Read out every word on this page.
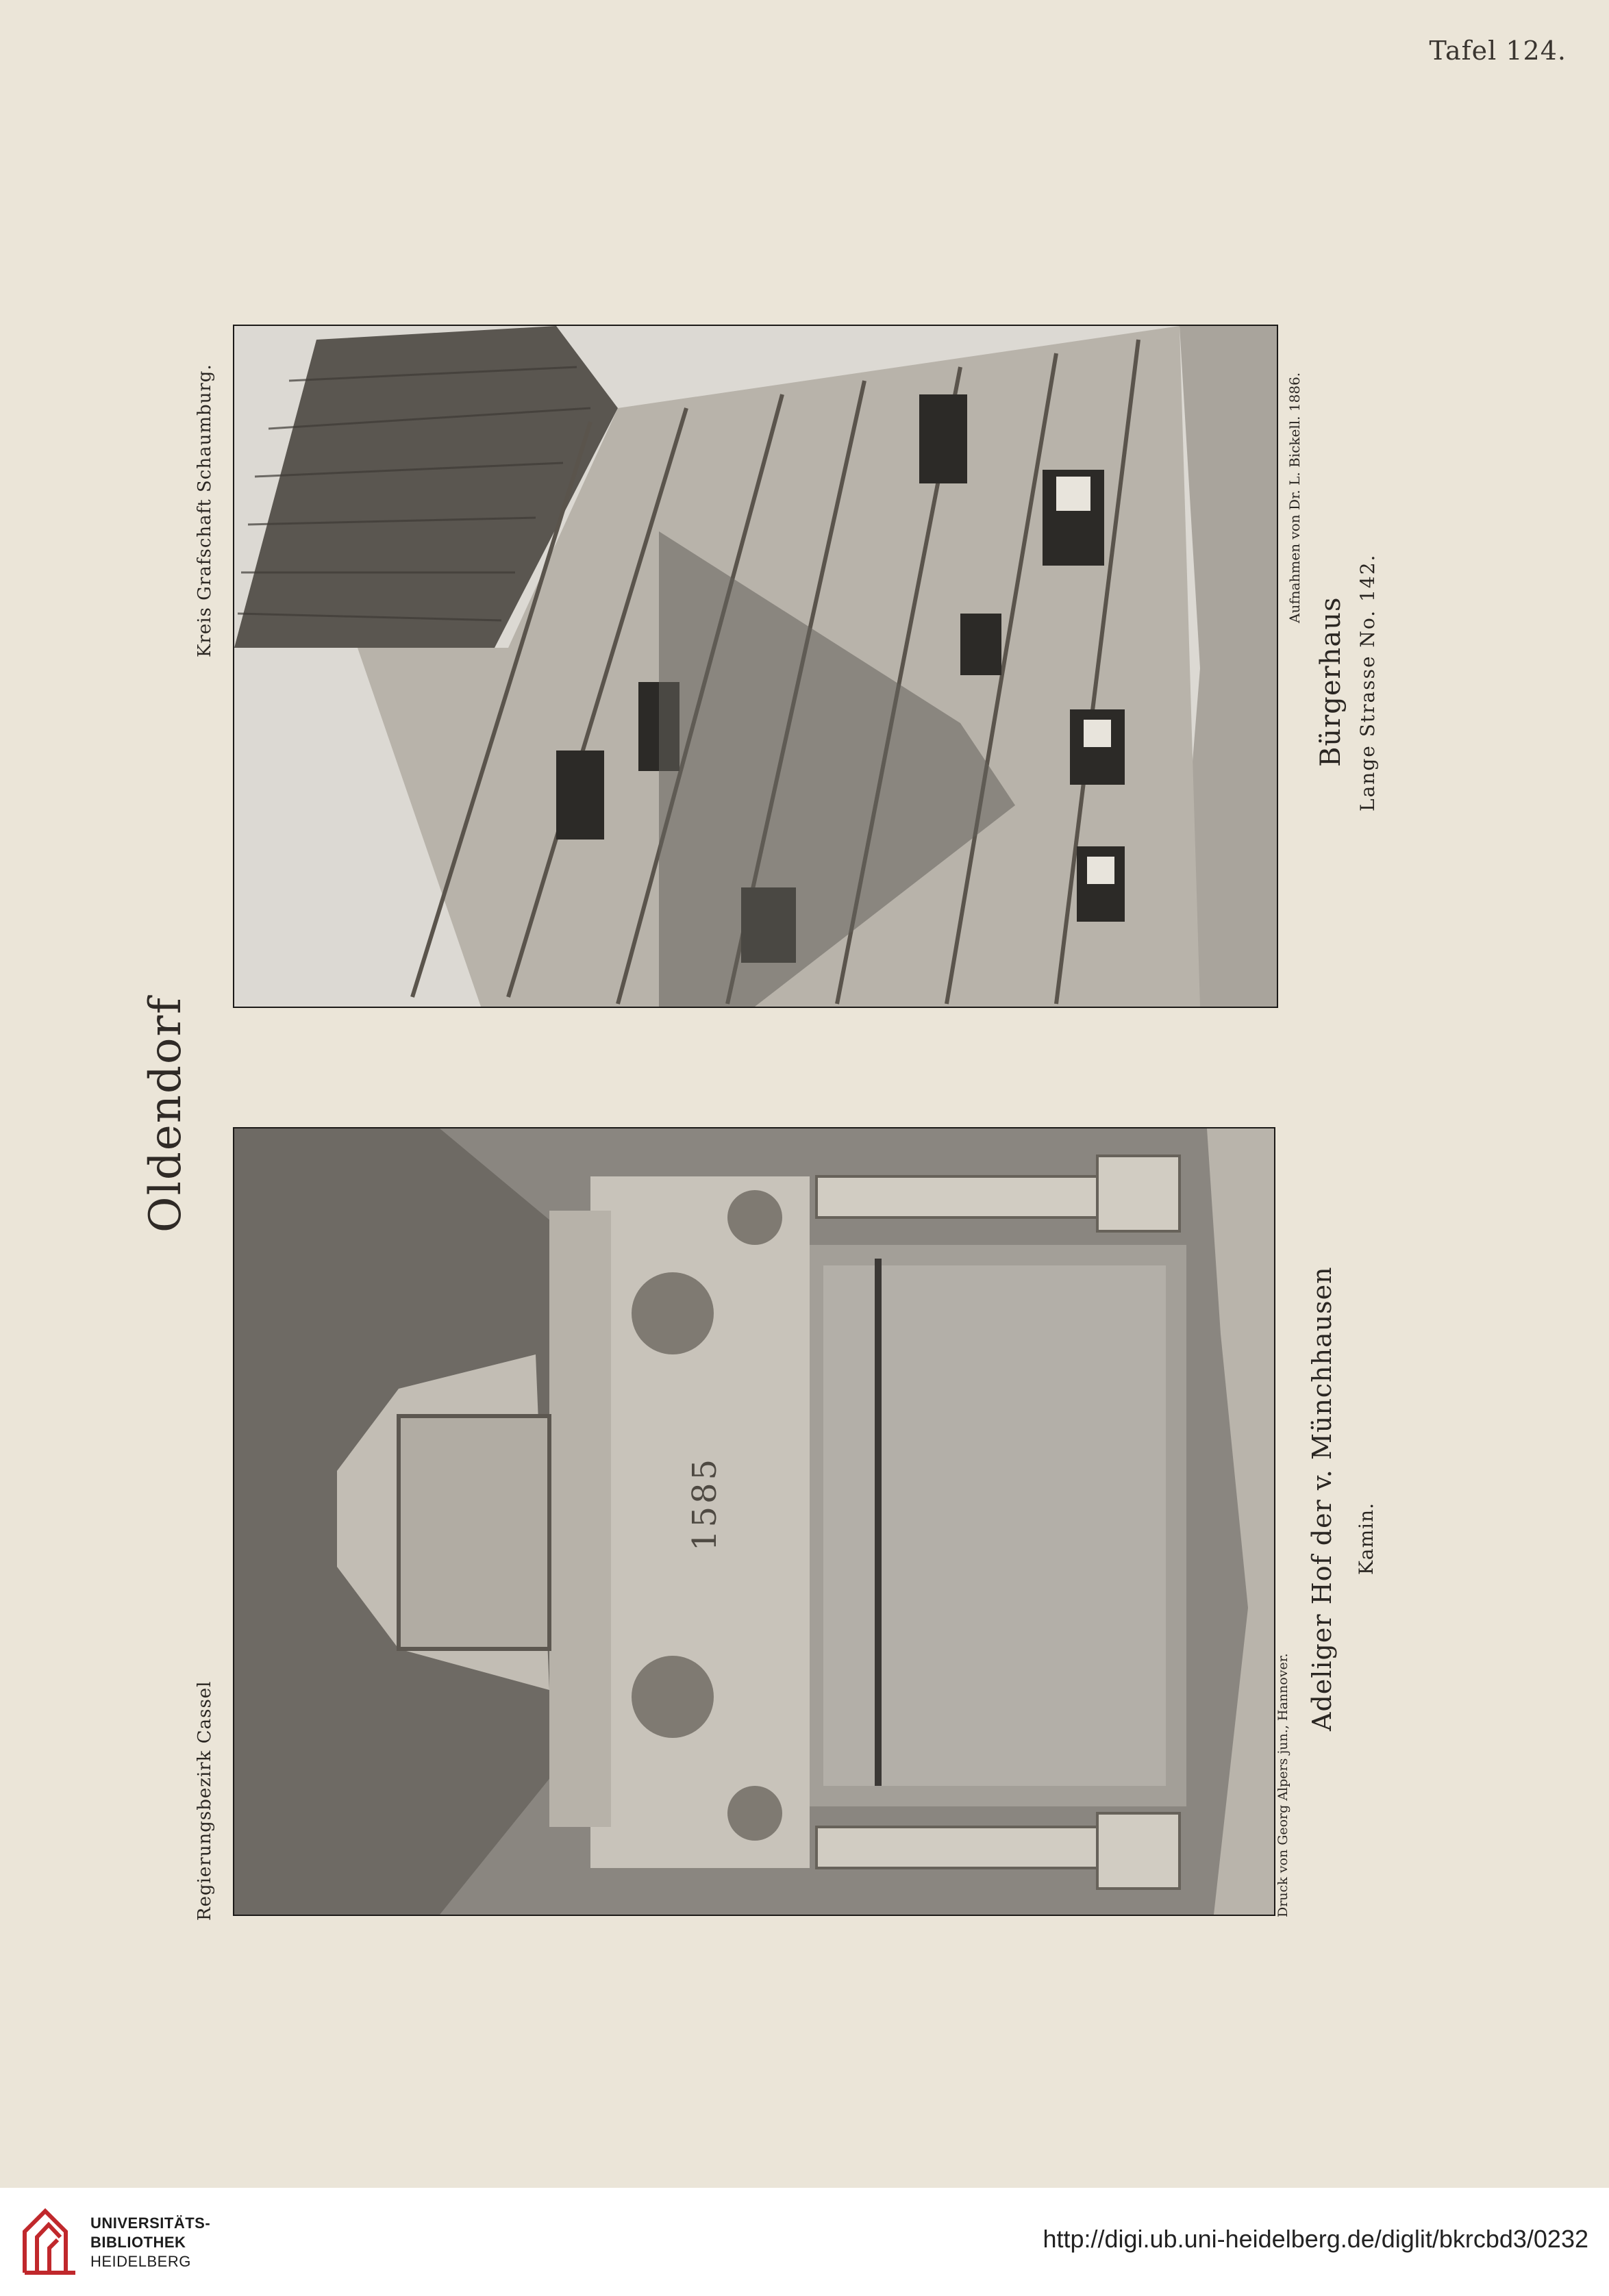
Tafel 124.
Oldendorf
Regierungsbezirk Cassel	Druck von Georg Alpers jun., Hannover.
Adeliger Hof der v. Münchhausen Kamin.
Kreis Grafschaft Schaumburg.	Aufnahmen von Dr. L. Bickell. 1886.
Bürgerhaus Lange Strasse No. 142.
1585
UNIVERSITÄTS-
BIBLIOTHEK
HEIDELBERG
http://digi.ub.uni-heidelberg.de/diglit/bkrcbd3/0232
